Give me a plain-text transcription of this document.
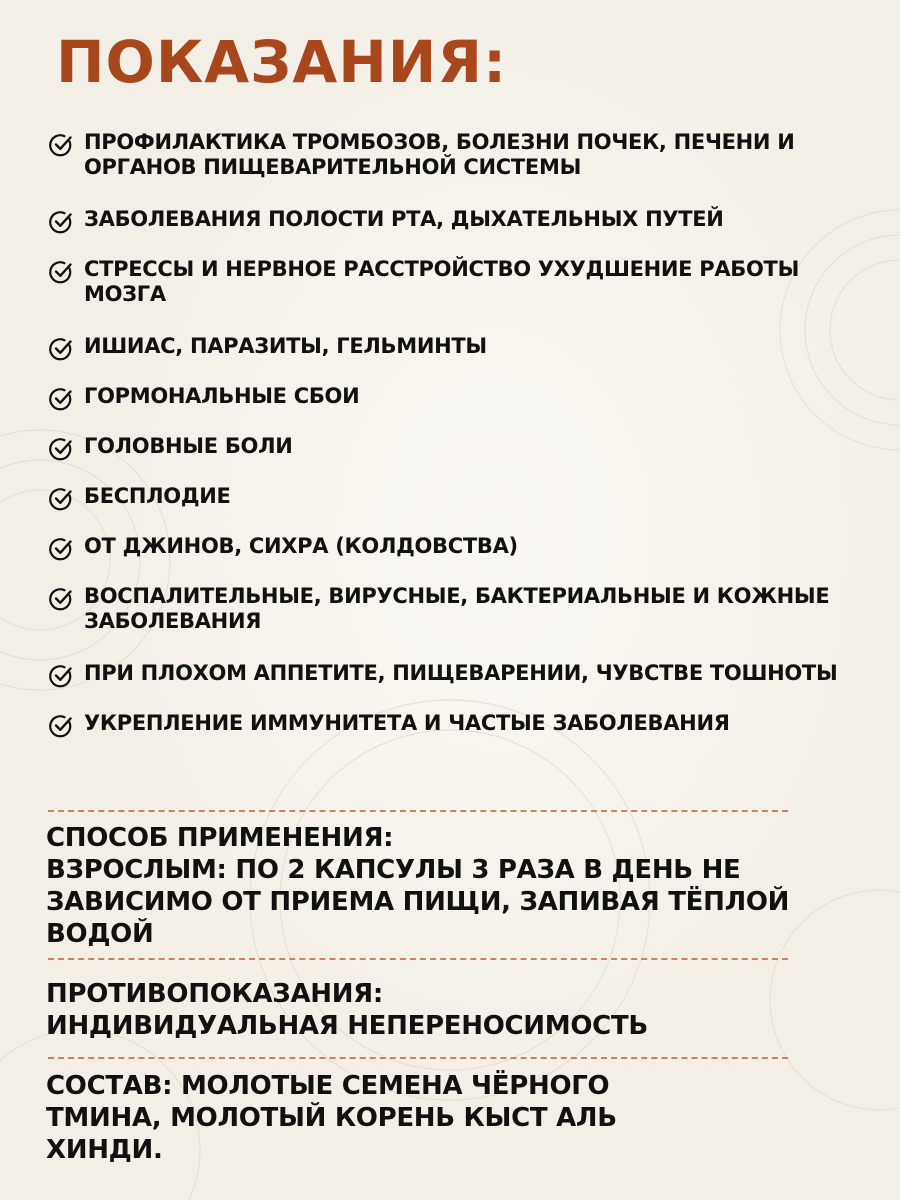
ПОКАЗАНИЯ:
ПРОФИЛАКТИКА ТРОМБОЗОВ, БОЛЕЗНИ ПОЧЕК, ПЕЧЕНИ И ОРГАНОВ ПИЩЕВАРИТЕЛЬНОЙ СИСТЕМЫ
ЗАБОЛЕВАНИЯ ПОЛОСТИ РТА, ДЫХАТЕЛЬНЫХ ПУТЕЙ
СТРЕССЫ И НЕРВНОЕ РАССТРОЙСТВО УХУДШЕНИЕ РАБОТЫ МОЗГА
ИШИАС, ПАРАЗИТЫ, ГЕЛЬМИНТЫ
ГОРМОНАЛЬНЫЕ СБОИ
ГОЛОВНЫЕ БОЛИ
БЕСПЛОДИЕ
ОТ ДЖИНОВ, СИХРА (КОЛДОВСТВА)
ВОСПАЛИТЕЛЬНЫЕ, ВИРУСНЫЕ, БАКТЕРИАЛЬНЫЕ И КОЖНЫЕ ЗАБОЛЕВАНИЯ
ПРИ ПЛОХОМ АППЕТИТЕ, ПИЩЕВАРЕНИИ, ЧУВСТВЕ ТОШНОТЫ
УКРЕПЛЕНИЕ ИММУНИТЕТА И ЧАСТЫЕ ЗАБОЛЕВАНИЯ
СПОСОБ ПРИМЕНЕНИЯ:
ВЗРОСЛЫМ: ПО 2 КАПСУЛЫ 3 РАЗА В ДЕНЬ НЕ ЗАВИСИМО ОТ ПРИЕМА ПИЩИ, ЗАПИВАЯ ТЁПЛОЙ ВОДОЙ
ПРОТИВОПОКАЗАНИЯ:
ИНДИВИДУАЛЬНАЯ НЕПЕРЕНОСИМОСТЬ
СОСТАВ: МОЛОТЫЕ СЕМЕНА ЧЁРНОГО ТМИНА, МОЛОТЫЙ КОРЕНЬ КЫСТ АЛЬ ХИНДИ.
